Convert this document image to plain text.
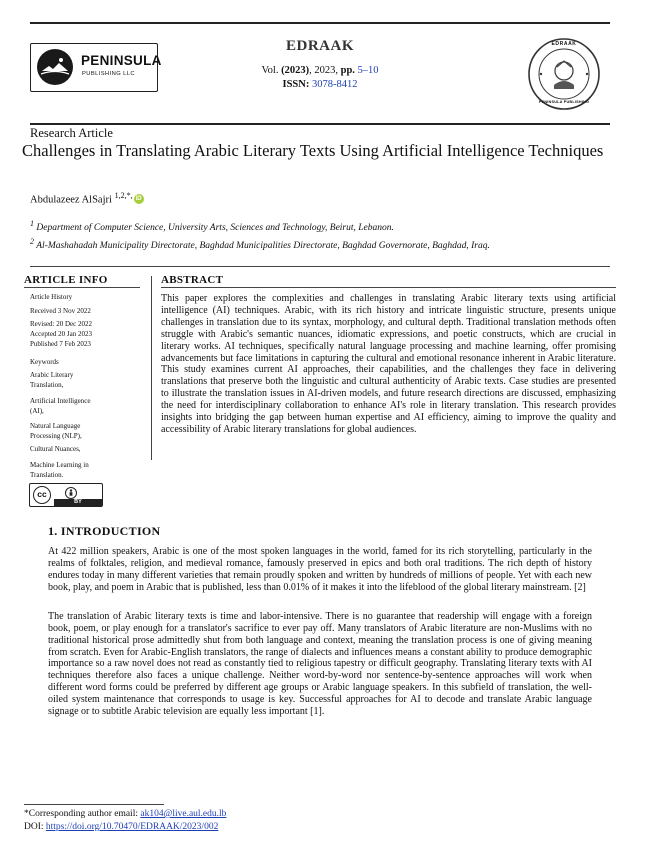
PENINSULA
PUBLISHING LLC
EDRAAK
Vol. (2023), 2023, pp. 5–10
ISSN: 3078-8412
EDRAAK
PENINSULA PUBLISHING
Research Article
Challenges in Translating Arabic Literary Texts Using Artificial Intelligence Techniques
Abdulazeez AlSajri $^{1,2,*,}$ iD
$^1$ Department of Computer Science, University Arts, Sciences and Technology, Beirut, Lebanon.
$^2$ Al-Mashahadah Municipality Directorate, Baghdad Municipalities Directorate, Baghdad Governorate, Baghdad, Iraq.
ARTICLE INFO
Article History
Received 3 Nov 2022
Revised: 20 Dec 2022
Accepted 20 Jan 2023
Published 7 Feb 2023
Keywords
Arabic Literary Translation,
Artificial Intelligence (AI),
Natural Language Processing (NLP),
Cultural Nuances,
Machine Learning in Translation.
cc
BY
ABSTRACT
This paper explores the complexities and challenges in translating Arabic literary texts using artificial intelligence (AI) techniques. Arabic, with its rich history and intricate linguistic structure, presents unique challenges in translation due to its syntax, morphology, and cultural depth. Traditional translation methods often struggle with Arabic's semantic nuances, idiomatic expressions, and poetic constructs, which are crucial in literary works. AI techniques, specifically natural language processing and machine learning, offer promising advancements but face limitations in capturing the cultural and emotional resonance inherent in Arabic literature. This study examines current AI approaches, their capabilities, and the challenges they face in delivering translations that preserve both the linguistic and cultural authenticity of Arabic texts. Case studies are presented to illustrate the translation issues in AI-driven models, and future research directions are discussed, emphasizing the need for interdisciplinary collaboration to enhance AI's role in literary translation. This research provides insights into bridging the gap between human expertise and AI efficiency, aiming to improve the quality and accessibility of Arabic literary translations for global audiences.
1. INTRODUCTION
At 422 million speakers, Arabic is one of the most spoken languages in the world, famed for its rich storytelling, particularly in the realms of folktales, religion, and medieval romance, famously preserved in epics and both oral traditions. The rich depth of history endures today in many different varieties that remain proudly spoken and written by hundreds of millions of people. Yet with each new book, play, and poem in Arabic that is published, less than 0.01% of it makes it into the lifeblood of the global literary mainstream. [2]
The translation of Arabic literary texts is time and labor-intensive. There is no guarantee that readership will engage with a foreign book, poem, or play enough for a translator's sacrifice to ever pay off. Many translators of Arabic literature are non-Muslims with no traditional historical prose admittedly shut from both language and context, meaning the translation process is one of giving meaning from scratch. Even for Arabic-English translators, the range of dialects and influences means a constant ability to produce demographic importance so a raw novel does not read as constantly tied to religious tapestry or difficult geography. Translating literary texts with AI techniques therefore also faces a unique challenge. Neither word-by-word nor sentence-by-sentence approaches will work when different word forms could be preferred by different age groups or Arabic language speakers. In this subfield of translation, the well-oiled system maintenance that corresponds to usage is key. Successful approaches for AI to decode and translate Arabic language signage or to subtitle Arabic television are equally less important [1].
*Corresponding author email: ak104@live.aul.edu.lb
DOI: https://doi.org/10.70470/EDRAAK/2023/002
